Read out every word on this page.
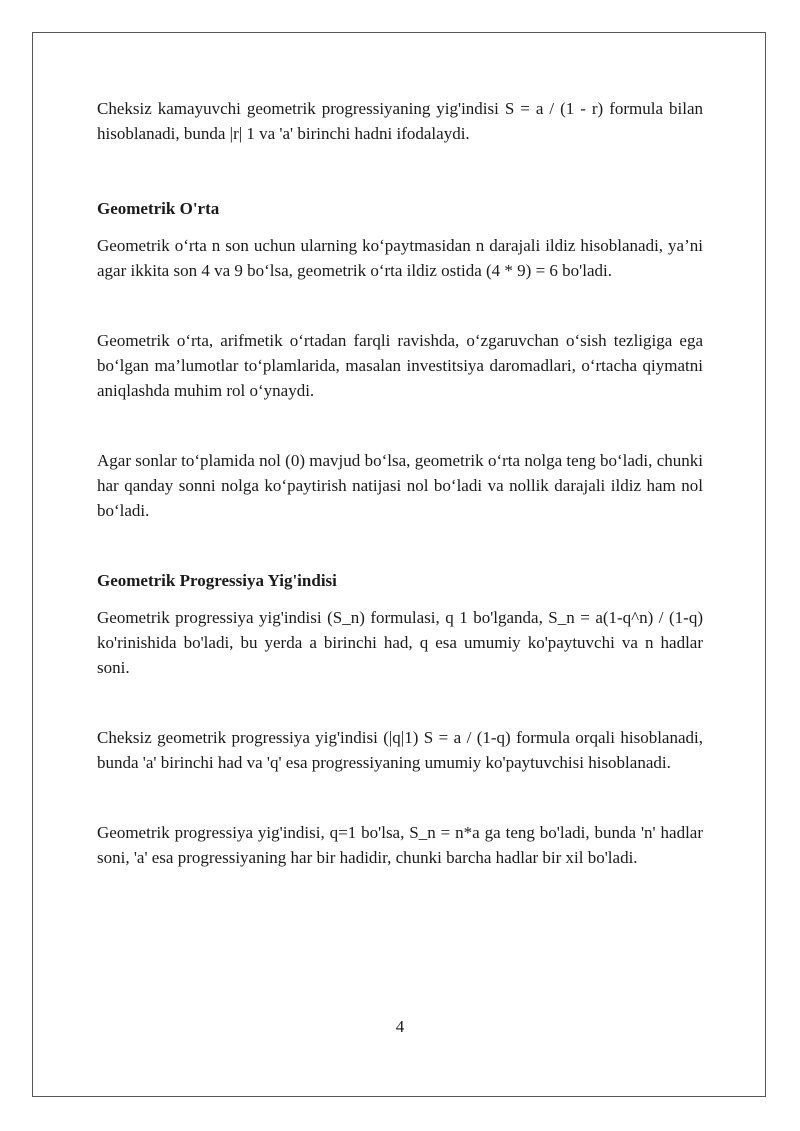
Cheksiz kamayuvchi geometrik progressiyaning yig'indisi S = a / (1 - r) formula bilan hisoblanadi, bunda |r| 1 va 'a' birinchi hadni ifodalaydi.

Geometrik O'rta

Geometrik o‘rta n son uchun ularning ko‘paytmasidan n darajali ildiz hisoblanadi, ya’ni agar ikkita son 4 va 9 bo‘lsa, geometrik o‘rta ildiz ostida (4 * 9) = 6 bo'ladi.

Geometrik o‘rta, arifmetik o‘rtadan farqli ravishda, o‘zgaruvchan o‘sish tezligiga ega bo‘lgan ma’lumotlar to‘plamlarida, masalan investitsiya daromadlari, o‘rtacha qiymatni aniqlashda muhim rol o‘ynaydi.

Agar sonlar to‘plamida nol (0) mavjud bo‘lsa, geometrik o‘rta nolga teng bo‘ladi, chunki har qanday sonni nolga ko‘paytirish natijasi nol bo‘ladi va nollik darajali ildiz ham nol bo‘ladi.

Geometrik Progressiya Yig'indisi

Geometrik progressiya yig'indisi (S_n) formulasi, q 1 bo'lganda, S_n = a(1-q^n) / (1-q) ko'rinishida bo'ladi, bu yerda a birinchi had, q esa umumiy ko'paytuvchi va n hadlar soni.

Cheksiz geometrik progressiya yig'indisi (|q|1) S = a / (1-q) formula orqali hisoblanadi, bunda 'a' birinchi had va 'q' esa progressiyaning umumiy ko'paytuvchisi hisoblanadi.

Geometrik progressiya yig'indisi, q=1 bo'lsa, S_n = n*a ga teng bo'ladi, bunda 'n' hadlar soni, 'a' esa progressiyaning har bir hadidir, chunki barcha hadlar bir xil bo'ladi.

4
